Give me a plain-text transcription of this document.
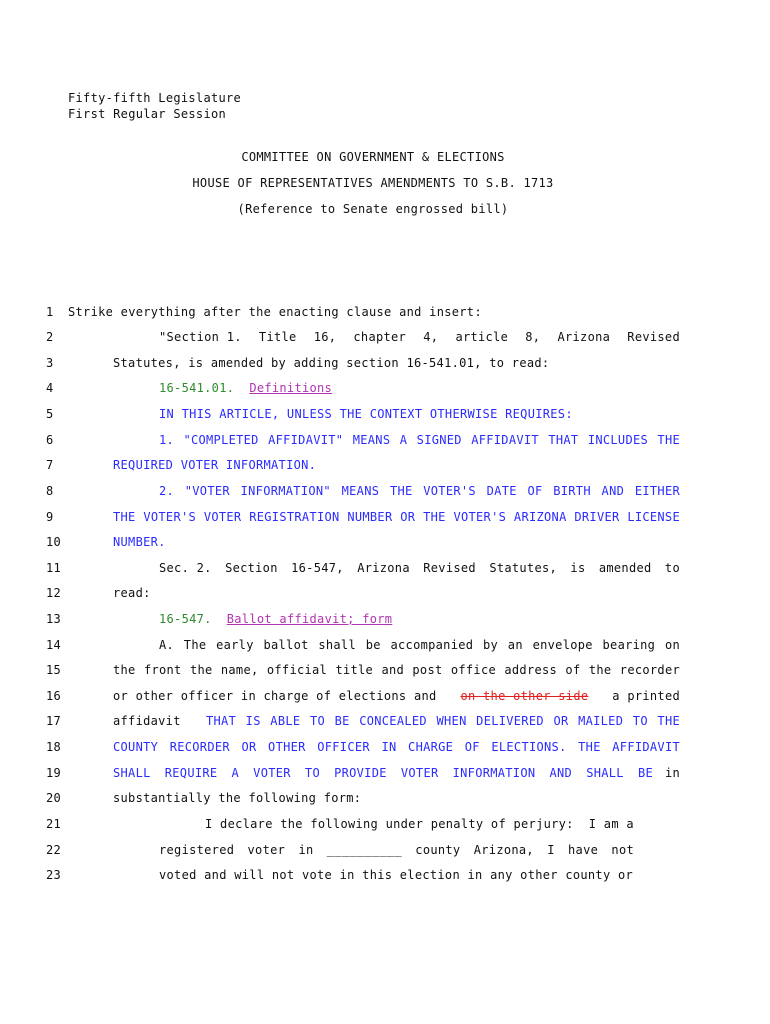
Fifty-fifth Legislature
First Regular Session
COMMITTEE ON GOVERNMENT & ELECTIONS
HOUSE OF REPRESENTATIVES AMENDMENTS TO S.B. 1713
(Reference to Senate engrossed bill)
1
2
3
4
5
6
7
8
9
10
11
12
13
14
15
16
17
18
19
20
21
22
23
Strike everything after the enacting clause and insert:
"Section 1. Title 16, chapter 4, article 8, Arizona Revised
Statutes, is amended by adding section 16-541.01, to read:
16-541.01. Definitions
IN THIS ARTICLE, UNLESS THE CONTEXT OTHERWISE REQUIRES:
1. "COMPLETED AFFIDAVIT" MEANS A SIGNED AFFIDAVIT THAT INCLUDES THE
REQUIRED VOTER INFORMATION.
2. "VOTER INFORMATION" MEANS THE VOTER'S DATE OF BIRTH AND EITHER
THE VOTER'S VOTER REGISTRATION NUMBER OR THE VOTER'S ARIZONA DRIVER LICENSE
NUMBER.
Sec. 2. Section 16-547, Arizona Revised Statutes, is amended to
read:
16-547. Ballot affidavit; form
A. The early ballot shall be accompanied by an envelope bearing on
the front the name, official title and post office address of the recorder
or other officer in charge of elections and on the other side a printed
affidavit THAT IS ABLE TO BE CONCEALED WHEN DELIVERED OR MAILED TO THE
COUNTY RECORDER OR OTHER OFFICER IN CHARGE OF ELECTIONS. THE AFFIDAVIT
SHALL REQUIRE A VOTER TO PROVIDE VOTER INFORMATION AND SHALL BE in
substantially the following form:
I declare the following under penalty of perjury:  I am a
registered voter in __________ county Arizona, I have not
voted and will not vote in this election in any other county or
